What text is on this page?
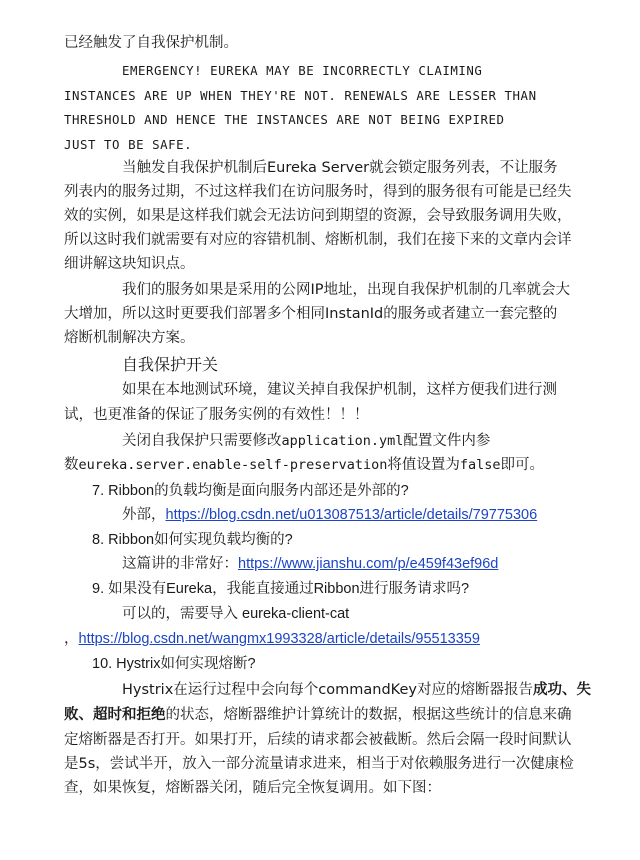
已经触发了自我保护机制。
EMERGENCY! EUREKA MAY BE INCORRECTLY CLAIMING
INSTANCES ARE UP WHEN THEY'RE NOT. RENEWALS ARE LESSER THAN
THRESHOLD AND HENCE THE INSTANCES ARE NOT BEING EXPIRED
JUST TO BE SAFE.
当触发自我保护机制后Eureka Server就会锁定服务列表，不让服务
列表内的服务过期，不过这样我们在访问服务时，得到的服务很有可能是已经失
效的实例，如果是这样我们就会无法访问到期望的资源，会导致服务调用失败，
所以这时我们就需要有对应的容错机制、熔断机制，我们在接下来的文章内会详
细讲解这块知识点。
我们的服务如果是采用的公网IP地址，出现自我保护机制的几率就会大
大增加，所以这时更要我们部署多个相同InstanId的服务或者建立一套完整的
熔断机制解决方案。
自我保护开关
如果在本地测试环境，建议关掉自我保护机制，这样方便我们进行测
试，也更准备的保证了服务实例的有效性！！！
关闭自我保护只需要修改application.yml配置文件内参
数eureka.server.enable-self-preservation将值设置为false即可。
7. Ribbon的负载均衡是面向服务内部还是外部的?
外部，https://blog.csdn.net/u013087513/article/details/79775306
8. Ribbon如何实现负载均衡的?
这篇讲的非常好：https://www.jianshu.com/p/e459f43ef96d
9. 如果没有Eureka，我能直接通过Ribbon进行服务请求吗?
可以的，需要导入 eureka-client-cat
，https://blog.csdn.net/wangmx1993328/article/details/95513359
10. Hystrix如何实现熔断?
Hystrix在运行过程中会向每个commandKey对应的熔断器报告成功、失
败、超时和拒绝的状态，熔断器维护计算统计的数据，根据这些统计的信息来确
定熔断器是否打开。如果打开，后续的请求都会被截断。然后会隔一段时间默认
是5s，尝试半开，放入一部分流量请求进来，相当于对依赖服务进行一次健康检
查，如果恢复，熔断器关闭，随后完全恢复调用。如下图：
